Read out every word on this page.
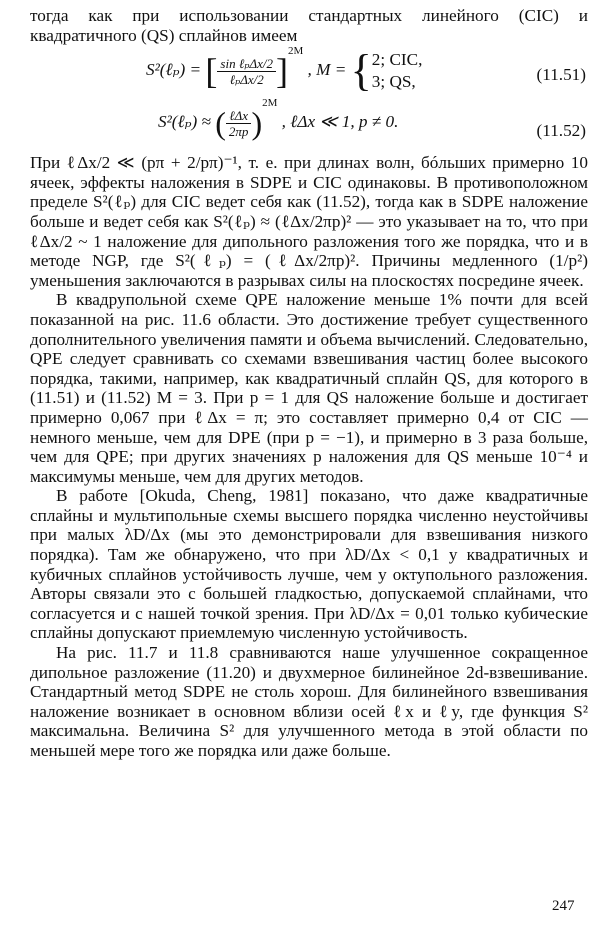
тогда как при использовании стандартных линейного (CIC) и квадратичного (QS) сплайнов имеем

S²(ℓₚ) = [ $\frac{\text{sin ℓₚΔx/2}}{\text{ℓₚΔx/2}} ]^{2M}$ , M = { 2; CIC,
3; QS,	(11.51)
S²(ℓₚ) ≈ ( $\frac{\text{ℓΔx}}{2\pi p} )^{2M}$ , ℓΔx ≪ 1, p ≠ 0.	(11.52)

При ℓΔx/2 ≪ (pπ + 2/pπ)⁻¹, т. е. при длинах волн, бóльших примерно 10 ячеек, эффекты наложения в SDPE и CIC одинаковы. В противоположном пределе S²(ℓₚ) для CIC ведет себя как (11.52), тогда как в SDPE наложение больше и ведет себя как S²(ℓₚ) ≈ (ℓΔx/2πp)² — это указывает на то, что при ℓΔx/2 ~ 1 наложение для дипольного разложения того же порядка, что и в методе NGP, где S²(ℓₚ) = (ℓΔx/2πp)². Причины медленного (1/p²) уменьшения заключаются в разрывах силы на плоскостях посредине ячеек.

В квадрупольной схеме QPE наложение меньше 1% почти для всей показанной на рис. 11.6 области. Это достижение требует существенного дополнительного увеличения памяти и объема вычислений. Следовательно, QPE следует сравнивать со схемами взвешивания частиц более высокого порядка, такими, например, как квадратичный сплайн QS, для которого в (11.51) и (11.52) M = 3. При p = 1 для QS наложение больше и достигает примерно 0,067 при ℓΔx = π; это составляет примерно 0,4 от CIC — немного меньше, чем для DPE (при p = −1), и примерно в 3 раза больше, чем для QPE; при других значениях p наложения для QS меньше 10⁻⁴ и максимумы меньше, чем для других методов.

В работе [Okuda, Cheng, 1981] показано, что даже квадратичные сплайны и мультипольные схемы высшего порядка численно неустойчивы при малых λD/Δx (мы это демонстрировали для взвешивания низкого порядка). Там же обнаружено, что при λD/Δx < 0,1 у квадратичных и кубичных сплайнов устойчивость лучше, чем у октупольного разложения. Авторы связали это с большей гладкостью, допускаемой сплайнами, что согласуется и с нашей точкой зрения. При λD/Δx = 0,01 только кубические сплайны допускают приемлемую численную устойчивость.

На рис. 11.7 и 11.8 сравниваются наше улучшенное сокращенное дипольное разложение (11.20) и двухмерное билинейное 2d-взвешивание. Стандартный метод SDPE не столь хорош. Для билинейного взвешивания наложение возникает в основном вблизи осей ℓx и ℓy, где функция S² максимальна. Величина S² для улучшенного метода в этой области по меньшей мере того же порядка или даже больше.

247
